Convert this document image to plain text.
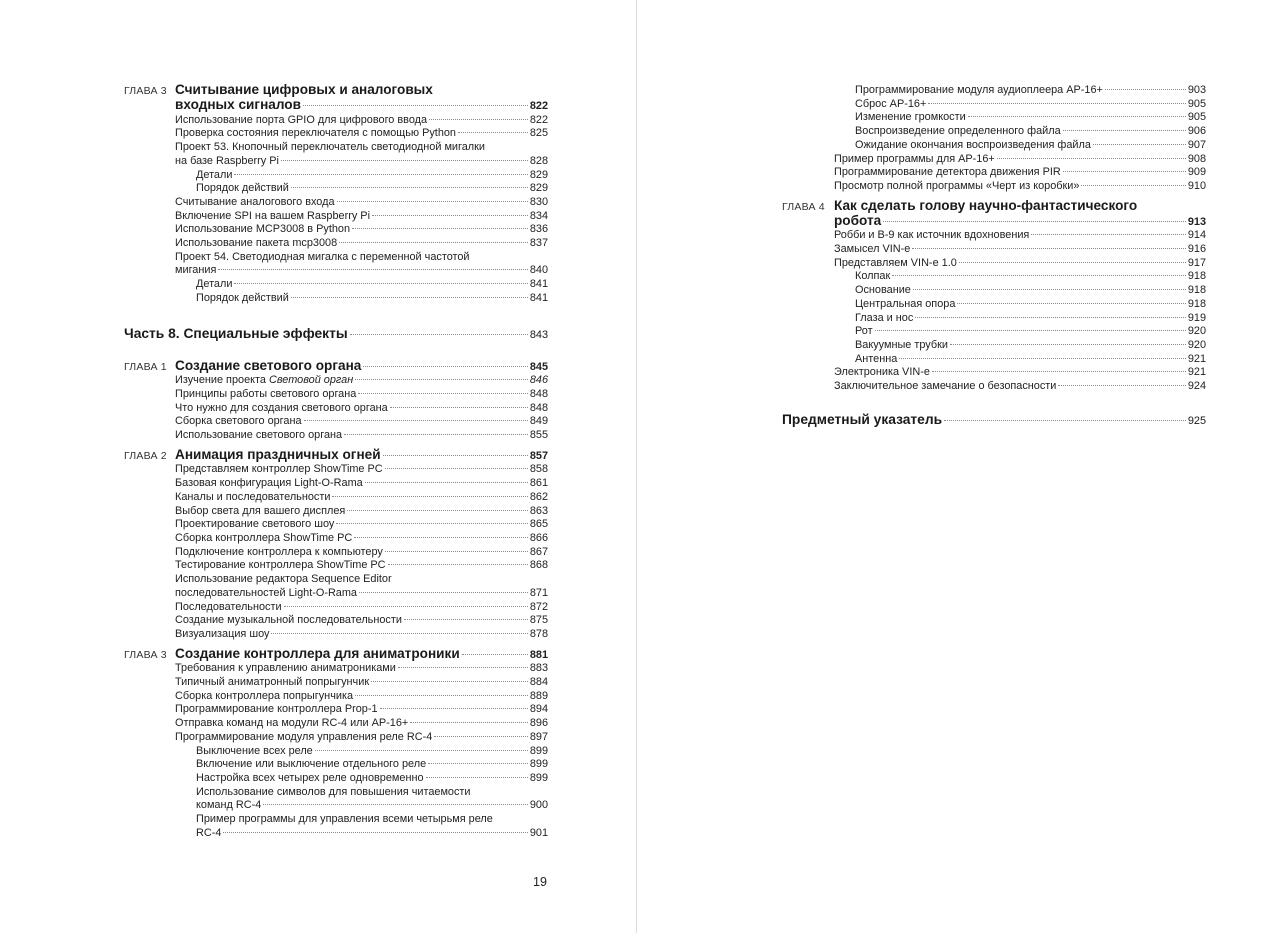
ГЛАВА 3 Считывание цифровых и аналоговых
входных сигналов	822
Использование порта GPIO для цифрового ввода	822
Проверка состояния переключателя с помощью Python	825
Проект 53. Кнопочный переключатель светодиодной мигалки
на базе Raspberry Pi	828
Детали	829
Порядок действий	829
Считывание аналогового входа	830
Включение SPI на вашем Raspberry Pi	834
Использование MCP3008 в Python	836
Использование пакета mcp3008	837
Проект 54. Светодиодная мигалка с переменной частотой
мигания	840
Детали	841
Порядок действий	841
Часть 8. Специальные эффекты	843
ГЛАВА 1 Создание светового органа	845
Изучение проекта Световой орган	846
Принципы работы светового органа	848
Что нужно для создания светового органа	848
Сборка светового органа	849
Использование светового органа	855
ГЛАВА 2 Анимация праздничных огней	857
Представляем контроллер ShowTime PC	858
Базовая конфигурация Light-O-Rama	861
Каналы и последовательности	862
Выбор света для вашего дисплея	863
Проектирование светового шоу	865
Сборка контроллера ShowTime PC	866
Подключение контроллера к компьютеру	867
Тестирование контроллера ShowTime PC	868
Использование редактора Sequence Editor
последовательностей Light-O-Rama	871
Последовательности	872
Создание музыкальной последовательности	875
Визуализация шоу	878
ГЛАВА 3 Создание контроллера для аниматроники	881
Требования к управлению аниматрониками	883
Типичный аниматронный попрыгунчик	884
Сборка контроллера попрыгунчика	889
Программирование контроллера Prop-1	894
Отправка команд на модули RC-4 или AP-16+	896
Программирование модуля управления реле RC-4	897
Выключение всех реле	899
Включение или выключение отдельного реле	899
Настройка всех четырех реле одновременно	899
Использование символов для повышения читаемости
команд RC-4	900
Пример программы для управления всеми четырьмя реле
RC-4	901
19
Программирование модуля аудиоплеера AP-16+	903
Сброс AP-16+	905
Изменение громкости	905
Воспроизведение определенного файла	906
Ожидание окончания воспроизведения файла	907
Пример программы для AP-16+	908
Программирование детектора движения PIR	909
Просмотр полной программы «Черт из коробки»	910
ГЛАВА 4 Как сделать голову научно-фантастического
робота	913
Робби и B-9 как источник вдохновения	914
Замысел VIN-e	916
Представляем VIN-e 1.0	917
Колпак	918
Основание	918
Центральная опора	918
Глаза и нос	919
Рот	920
Вакуумные трубки	920
Антенна	921
Электроника VIN-e	921
Заключительное замечание о безопасности	924
Предметный указатель	925
